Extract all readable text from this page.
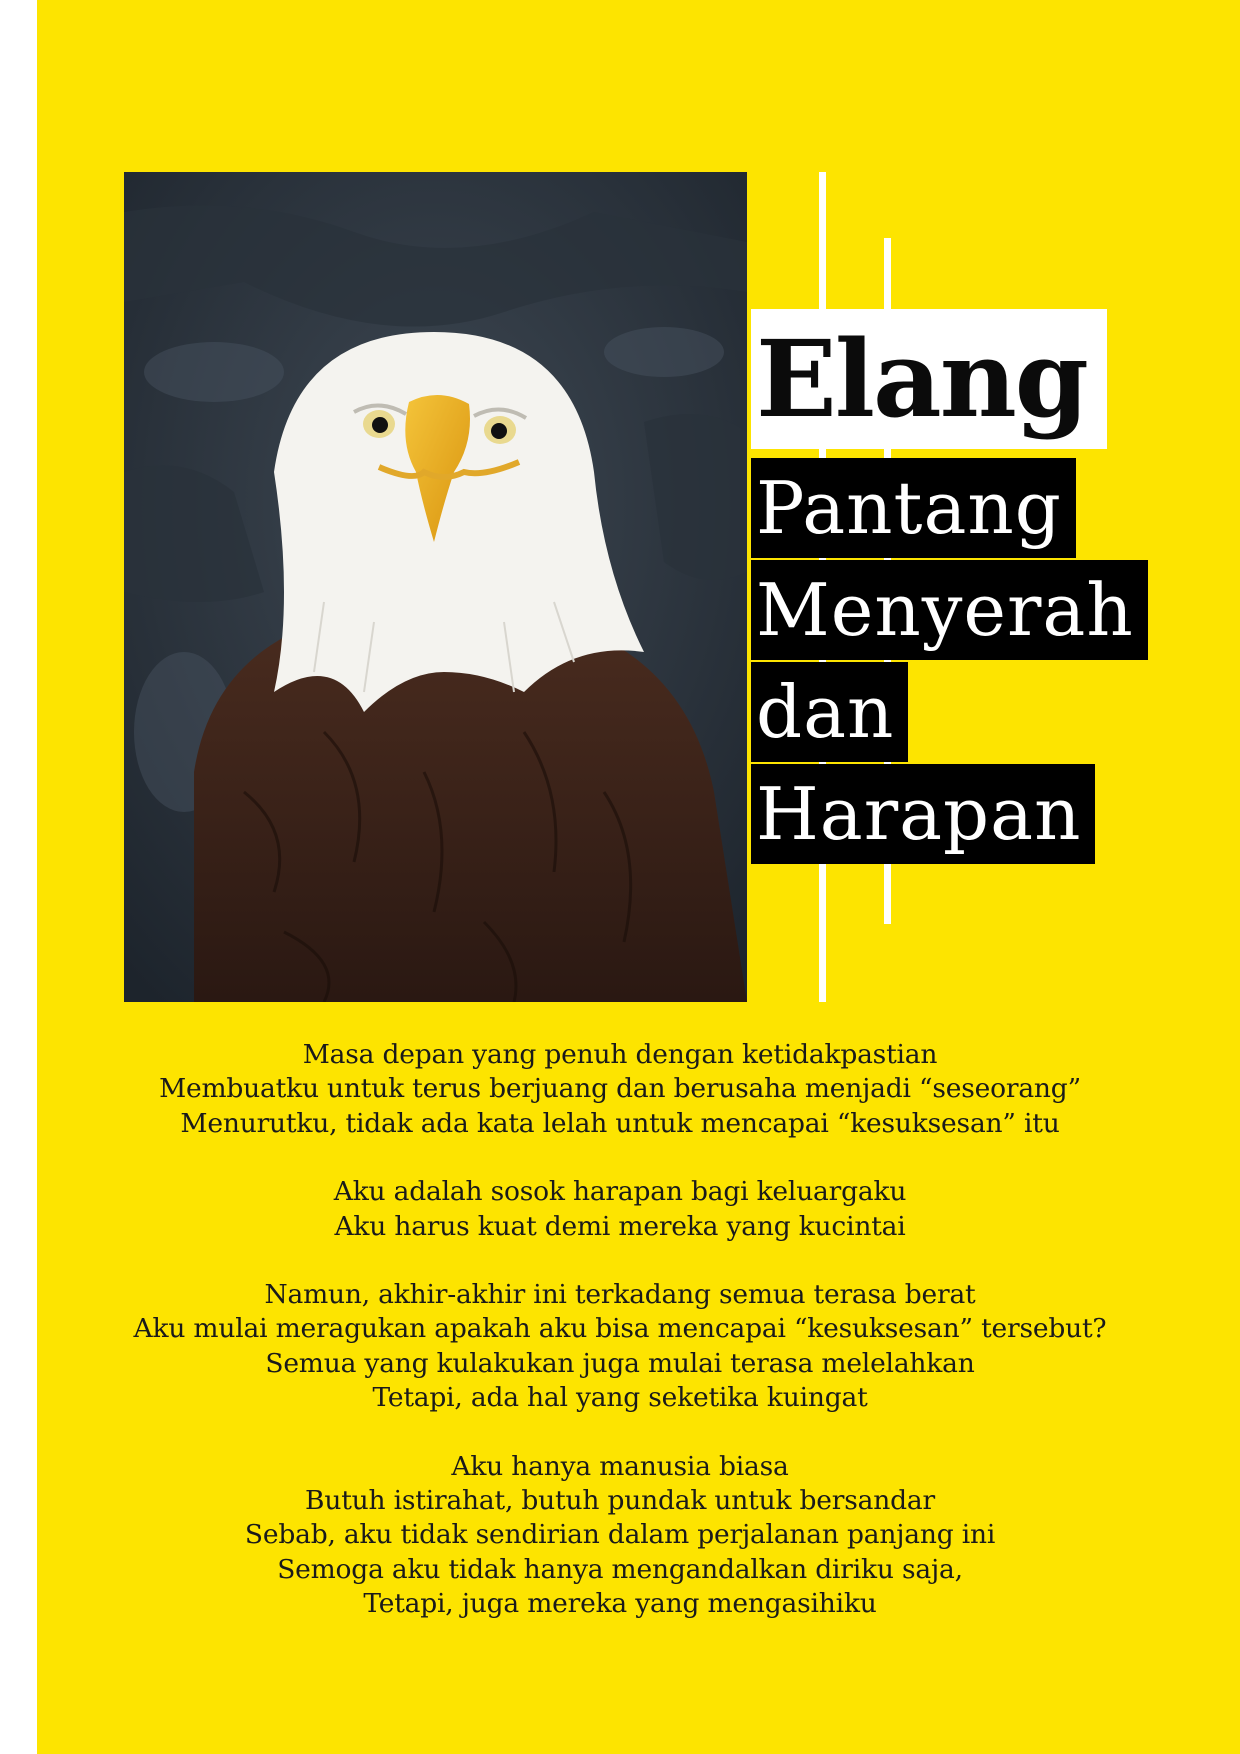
Elang
Pantang
Menyerah
dan
Harapan
Masa depan yang penuh dengan ketidakpastian
Membuatku untuk terus berjuang dan berusaha menjadi “seseorang”
Menurutku, tidak ada kata lelah untuk mencapai “kesuksesan” itu
Aku adalah sosok harapan bagi keluargaku
Aku harus kuat demi mereka yang kucintai
Namun, akhir-akhir ini terkadang semua terasa berat
Aku mulai meragukan apakah aku bisa mencapai “kesuksesan” tersebut?
Semua yang kulakukan juga mulai terasa melelahkan
Tetapi, ada hal yang seketika kuingat
Aku hanya manusia biasa
Butuh istirahat, butuh pundak untuk bersandar
Sebab, aku tidak sendirian dalam perjalanan panjang ini
Semoga aku tidak hanya mengandalkan diriku saja,
Tetapi, juga mereka yang mengasihiku
